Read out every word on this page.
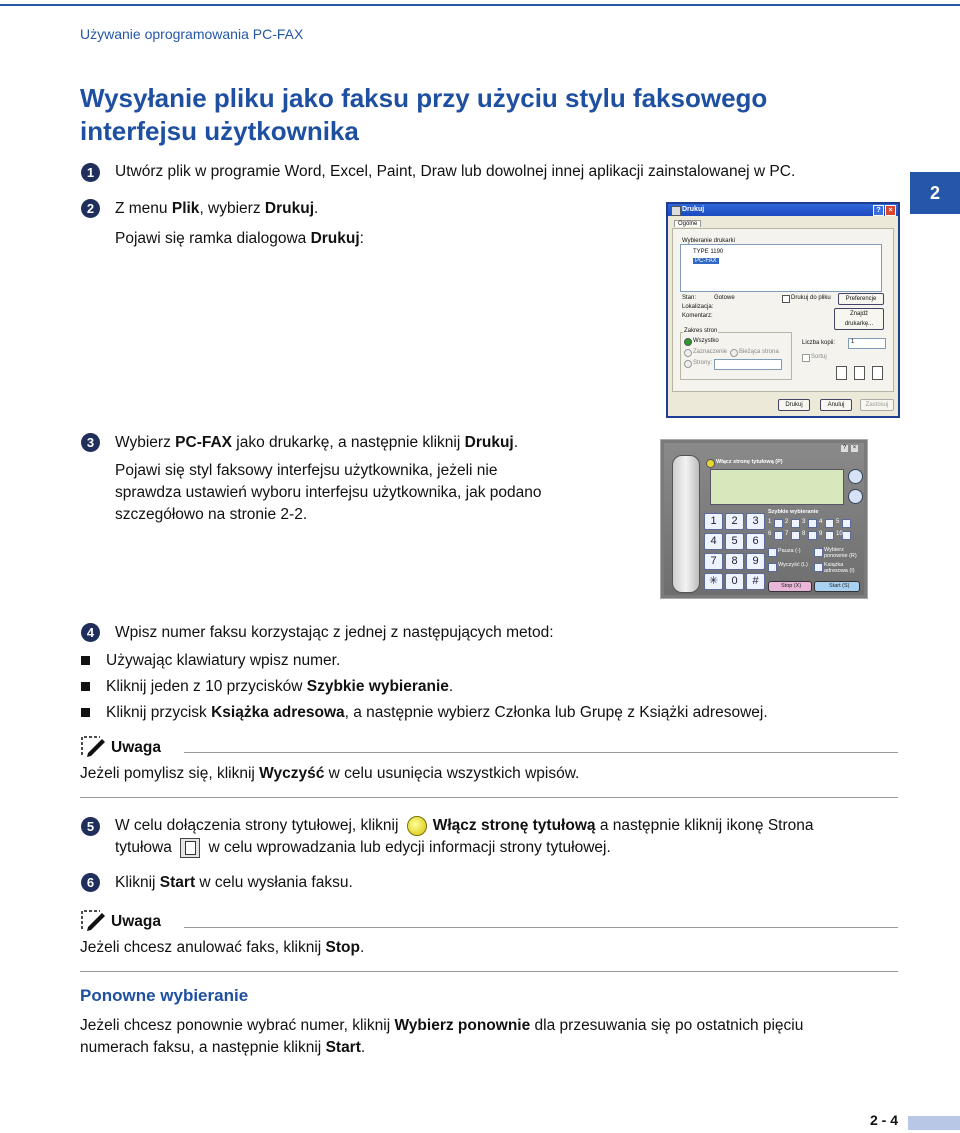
Używanie oprogramowania PC-FAX
Wysyłanie pliku jako faksu przy użyciu stylu faksowego interfejsu użytkownika
2
1	Utwórz plik w programie Word, Excel, Paint, Draw lub dowolnej innej aplikacji zainstalowanej w PC.
2	Z menu Plik, wybierz Drukuj.
Pojawi się ramka dialogowa Drukuj:
Drukuj	?	×
Ogólne
Wybieranie drukarki
TYPE 1190
PC-FAX
Stan:	Gotowe
Lokalizacja:
Komentarz:
Drukuj do pliku	Preferencje
Znajdź drukarkę...
Zakres stron
Wszystko
Zaznaczenie Bieżąca strona
Strony:
Liczba kopii:	1
Sortuj
Drukuj	Anuluj	Zastosuj
3	Wybierz PC-FAX jako drukarkę, a następnie kliknij Drukuj.
Pojawi się styl faksowy interfejsu użytkownika, jeżeli nie
sprawdza ustawień wyboru interfejsu użytkownika, jak podano
szczegółowo na stronie 2-2.
?	×
Włącz stronę tytułową (P)
Szybkie wybieranie
1	2	3
4	5	6
7	8	9
✳	0	#
1 2 3 4 5
6 7 8 9 10
Pauza (-)
Wyczyść (L)
Wybierz ponownie (R)
Książka adresowa (I)
Stop (X)	Start (S)
4	Wpisz numer faksu korzystając z jednej z następujących metod:
Używając klawiatury wpisz numer.
Kliknij jeden z 10 przycisków Szybkie wybieranie.
Kliknij przycisk Książka adresowa, a następnie wybierz Członka lub Grupę z Książki adresowej.
Uwaga
Jeżeli pomylisz się, kliknij Wyczyść w celu usunięcia wszystkich wpisów.
5	W celu dołączenia strony tytułowej, kliknij Włącz stronę tytułową a następnie kliknij ikonę Strona
tytułowa
w celu wprowadzania lub edycji informacji strony tytułowej.
6	Kliknij Start w celu wysłania faksu.
Uwaga
Jeżeli chcesz anulować faks, kliknij Stop.
Ponowne wybieranie
Jeżeli chcesz ponownie wybrać numer, kliknij Wybierz ponownie dla przesuwania się po ostatnich pięciu
numerach faksu, a następnie kliknij Start.
2 - 4
